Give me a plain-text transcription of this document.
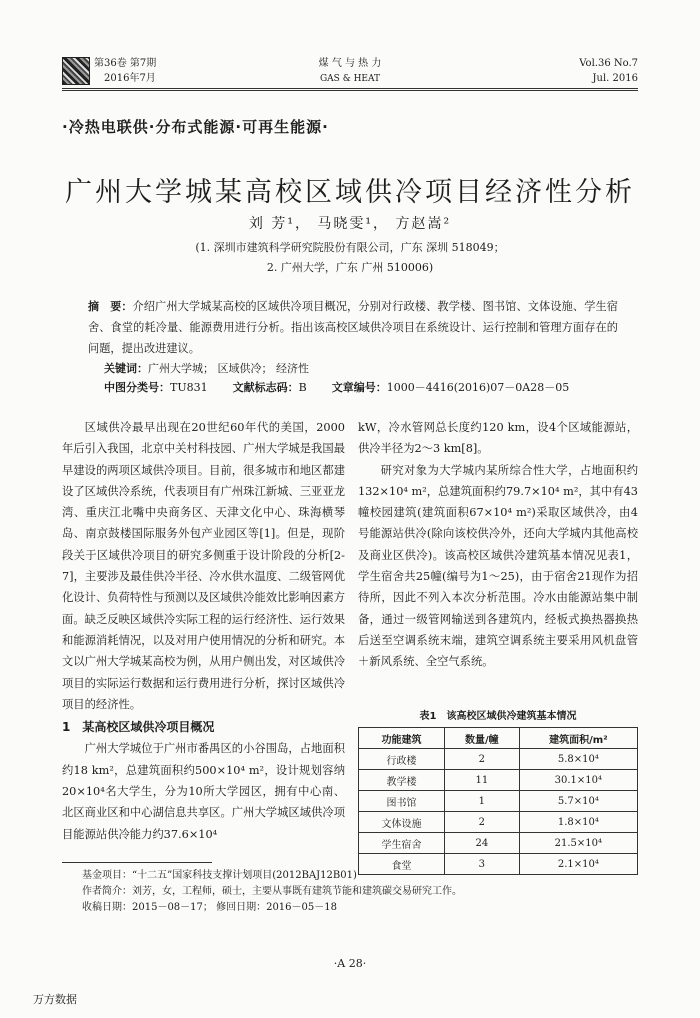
第36卷 第7期
2016年7月
煤 气 与 热 力
GAS & HEAT
Vol.36 No.7
Jul. 2016
·冷热电联供·分布式能源·可再生能源·
广州大学城某高校区域供冷项目经济性分析
刘 芳¹， 马晓雯¹， 方赵嵩²
(1. 深圳市建筑科学研究院股份有限公司，广东 深圳 518049；
2. 广州大学，广东 广州 510006)
摘　要：介绍广州大学城某高校的区域供冷项目概况，分别对行政楼、教学楼、图书馆、文体设施、学生宿舍、食堂的耗冷量、能源费用进行分析。指出该高校区域供冷项目在系统设计、运行控制和管理方面存在的问题，提出改进建议。
关键词：广州大学城； 区域供冷； 经济性
中图分类号：TU831 文献标志码：B 文章编号：1000－4416(2016)07－0A28－05

区域供冷最早出现在20世纪60年代的美国，2000年后引入我国，北京中关村科技园、广州大学城是我国最早建设的两项区域供冷项目。目前，很多城市和地区都建设了区域供冷系统，代表项目有广州珠江新城、三亚亚龙湾、重庆江北嘴中央商务区、天津文化中心、珠海横琴岛、南京鼓楼国际服务外包产业园区等[1]。但是，现阶段关于区域供冷项目的研究多侧重于设计阶段的分析[2-7]，主要涉及最佳供冷半径、冷水供水温度、二级管网优化设计、负荷特性与预测以及区域供冷能效比影响因素方面。缺乏反映区域供冷实际工程的运行经济性、运行效果和能源消耗情况，以及对用户使用情况的分析和研究。本文以广州大学城某高校为例，从用户侧出发，对区域供冷项目的实际运行数据和运行费用进行分析，探讨区域供冷项目的经济性。

1　某高校区域供冷项目概况

广州大学城位于广州市番禺区的小谷围岛，占地面积约18 km²，总建筑面积约500×10⁴ m²，设计规划容纳20×10⁴名大学生，分为10所大学园区，拥有中心南、北区商业区和中心湖信息共享区。广州大学城区域供冷项目能源站供冷能力约37.6×10⁴

kW，冷水管网总长度约120 km，设4个区域能源站，供冷半径为2～3 km[8]。

研究对象为大学城内某所综合性大学，占地面积约132×10⁴ m²，总建筑面积约79.7×10⁴ m²，其中有43幢校园建筑(建筑面积67×10⁴ m²)采取区域供冷，由4号能源站供冷(除向该校供冷外，还向大学城内其他高校及商业区供冷)。该高校区域供冷建筑基本情况见表1，学生宿舍共25幢(编号为1～25)，由于宿舍21现作为招待所，因此不列入本次分析范围。冷水由能源站集中制备，通过一级管网输送到各建筑内，经板式换热器换热后送至空调系统末端，建筑空调系统主要采用风机盘管＋新风系统、全空气系统。

表1　该高校区域供冷建筑基本情况
功能建筑	数量/幢	建筑面积/m²
行政楼	2	5.8×10⁴
教学楼	11	30.1×10⁴
图书馆	1	5.7×10⁴
文体设施	2	1.8×10⁴
学生宿舍	24	21.5×10⁴
食堂	3	2.1×10⁴
基金项目：“十二五”国家科技支撑计划项目(2012BAJ12B01)
作者简介：刘芳，女，工程师，硕士，主要从事既有建筑节能和建筑碳交易研究工作。
收稿日期：2015－08－17； 修回日期：2016－05－18
·A 28·
万方数据
